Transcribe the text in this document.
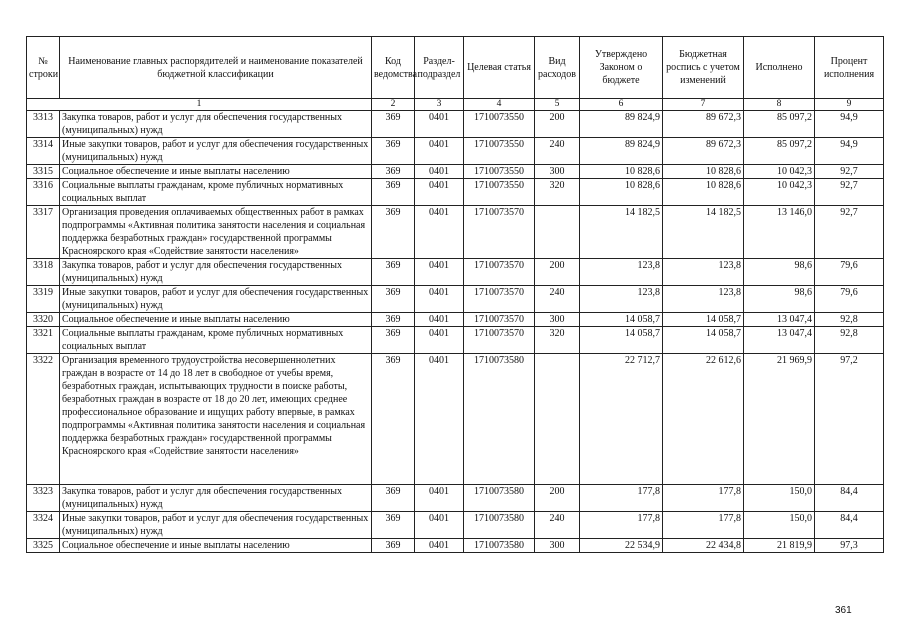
№ строки	Наименование главных распорядителей и наименование показателей бюджетной классификации	Код ведомства	Раздел-подраздел	Целевая статья	Вид расходов	Утверждено Законом о бюджете	Бюджетная роспись с учетом изменений	Исполнено	Процент исполнения
1		2	3	4	5	6	7	8	9
3313	Закупка товаров, работ и услуг для обеспечения государственных (муниципальных) нужд	369	0401	1710073550	200	89 824,9	89 672,3	85 097,2	94,9
3314	Иные закупки товаров, работ и услуг для обеспечения государственных (муниципальных) нужд	369	0401	1710073550	240	89 824,9	89 672,3	85 097,2	94,9
3315	Социальное обеспечение и иные выплаты населению	369	0401	1710073550	300	10 828,6	10 828,6	10 042,3	92,7
3316	Социальные выплаты гражданам, кроме публичных нормативных социальных выплат	369	0401	1710073550	320	10 828,6	10 828,6	10 042,3	92,7
3317	Организация проведения оплачиваемых общественных работ в рамках подпрограммы «Активная политика занятости населения и социальная поддержка безработных граждан» государственной программы Красноярского края «Содействие занятости населения»	369	0401	1710073570		14 182,5	14 182,5	13 146,0	92,7
3318	Закупка товаров, работ и услуг для обеспечения государственных (муниципальных) нужд	369	0401	1710073570	200	123,8	123,8	98,6	79,6
3319	Иные закупки товаров, работ и услуг для обеспечения государственных (муниципальных) нужд	369	0401	1710073570	240	123,8	123,8	98,6	79,6
3320	Социальное обеспечение и иные выплаты населению	369	0401	1710073570	300	14 058,7	14 058,7	13 047,4	92,8
3321	Социальные выплаты гражданам, кроме публичных нормативных социальных выплат	369	0401	1710073570	320	14 058,7	14 058,7	13 047,4	92,8
3322	Организация временного трудоустройства несовершеннолетних граждан в возрасте от 14 до 18 лет в свободное от учебы время, безработных граждан, испытывающих трудности в поиске работы, безработных граждан в возрасте от 18 до 20 лет, имеющих среднее профессиональное образование и ищущих работу впервые, в рамках подпрограммы «Активная политика занятости населения и социальная поддержка безработных граждан» государственной программы Красноярского края «Содействие занятости населения»	369	0401	1710073580		22 712,7	22 612,6	21 969,9	97,2
3323	Закупка товаров, работ и услуг для обеспечения государственных (муниципальных) нужд	369	0401	1710073580	200	177,8	177,8	150,0	84,4
3324	Иные закупки товаров, работ и услуг для обеспечения государственных (муниципальных) нужд	369	0401	1710073580	240	177,8	177,8	150,0	84,4
3325	Социальное обеспечение и иные выплаты населению	369	0401	1710073580	300	22 534,9	22 434,8	21 819,9	97,3
361
